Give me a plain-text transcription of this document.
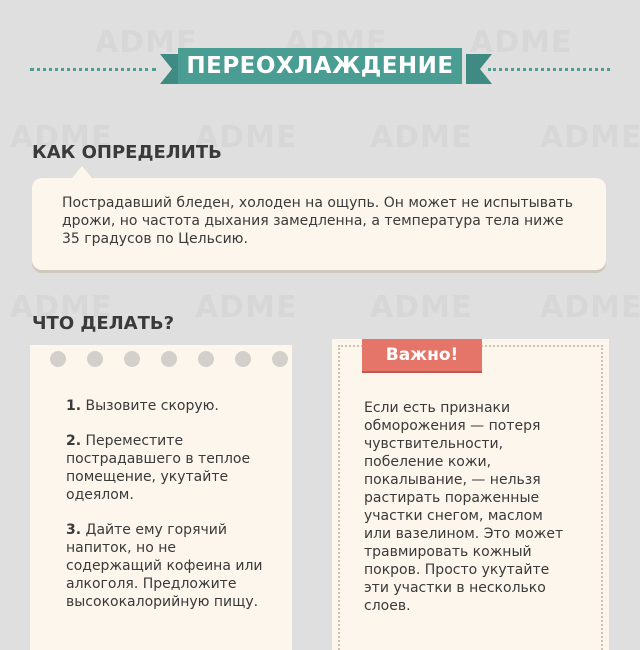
ПЕРЕОХЛАЖДЕНИЕ
КАК ОПРЕДЕЛИТЬ
Пострадавший бледен, холоден на ощупь. Он может не испытывать дрожи, но частота дыхания замедленна, а температура тела ниже 35 градусов по Цельсию.
ЧТО ДЕЛАТЬ?
1. Вызовите скорую.
2. Переместите пострадавшего в теплое помещение, укутайте одеялом.
3. Дайте ему горячий напиток, но не содержащий кофеина или алкоголя. Предложите высококалорийную пищу.
Важно!
Если есть признаки обморожения — потеря чувствительности, побеление кожи, покалывание, — нельзя растирать пораженные участки снегом, маслом или вазелином. Это может травмировать кожный покров. Просто укутайте эти участки в несколько слоев.
